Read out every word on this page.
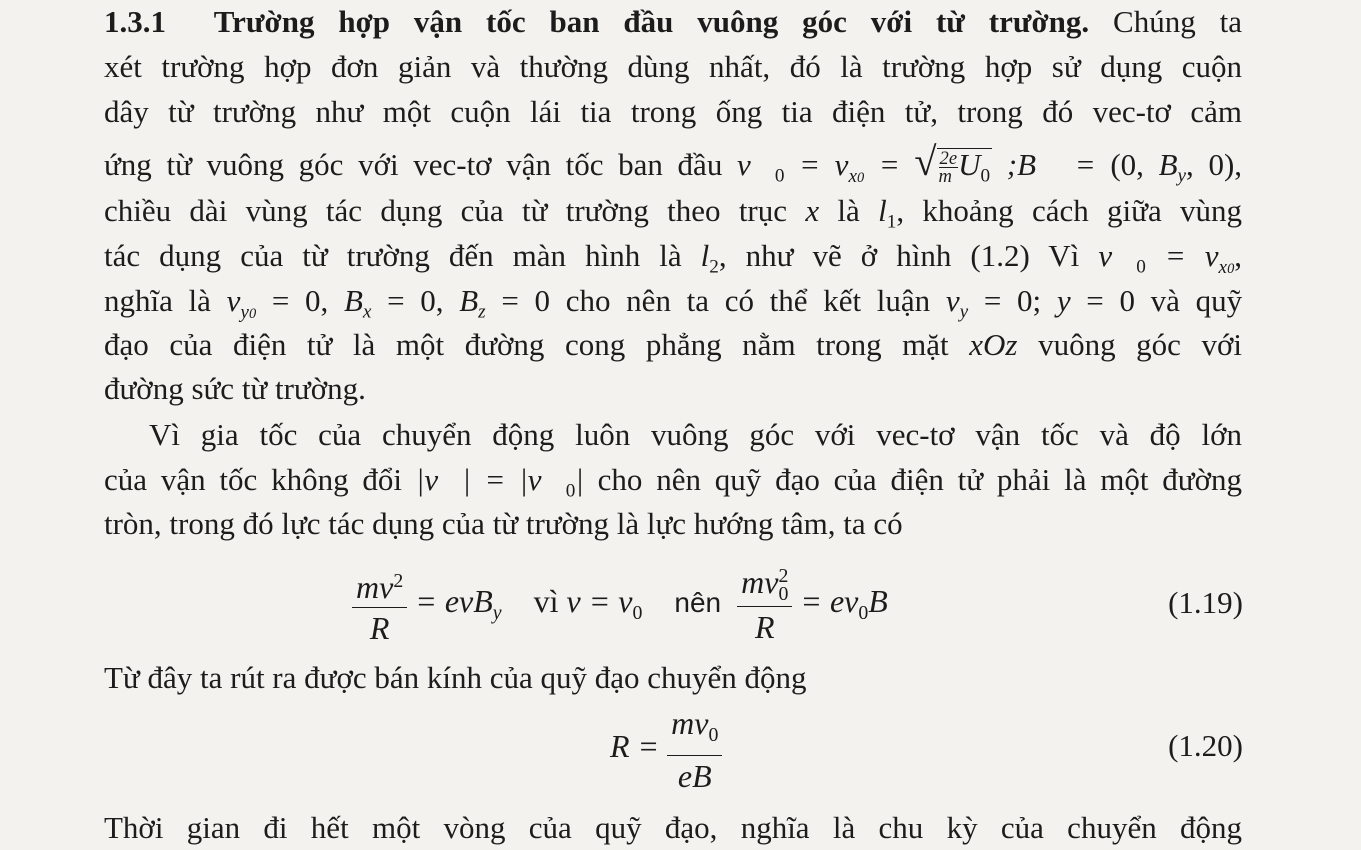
1.3.1 Trường hợp vận tốc ban đầu vuông góc với từ trường. Chúng ta
xét trường hợp đơn giản và thường dùng nhất, đó là trường hợp sử dụng cuộn
dây từ trường như một cuộn lái tia trong ống tia điện tử, trong đó vec-tơ cảm
ứng từ vuông góc với vec-tơ vận tốc ban đầu $v⃗_0 = v_{x0}$ = √ $\frac{2e}{m} U_0$ ;B⃗ = (0, $B_y$, 0),
chiều dài vùng tác dụng của từ trường theo trục x là $l_1$, khoảng cách giữa vùng
tác dụng của từ trường đến màn hình là $l_2$, như vẽ ở hình (1.2) Vì $v⃗_0 = v_{x0}$,
nghĩa là $v_{y0} = 0$, $B_x = 0$, $B_z = 0$ cho nên ta có thể kết luận $v_y = 0$; y = 0 và quỹ
đạo của điện tử là một đường cong phẳng nằm trong mặt xOz vuông góc với
đường sức từ trường.
Vì gia tốc của chuyển động luôn vuông góc với vec-tơ vận tốc và độ lớn
của vận tốc không đổi |v⃗| = $|v⃗_0|$ cho nên quỹ đạo của điện tử phải là một đường
tròn, trong đó lực tác dụng của từ trường là lực hướng tâm, ta có
$\frac{mv^2}{R} = evB_y$ vì $v = v_0$ nên mv 2
0
$R = ev_0B$	(1.19)
Từ đây ta rút ra được bán kính của quỹ đạo chuyển động
$R = \frac{mv_0}{eB}$	(1.20)
Thời gian đi hết một vòng của quỹ đạo, nghĩa là chu kỳ của chuyển động
